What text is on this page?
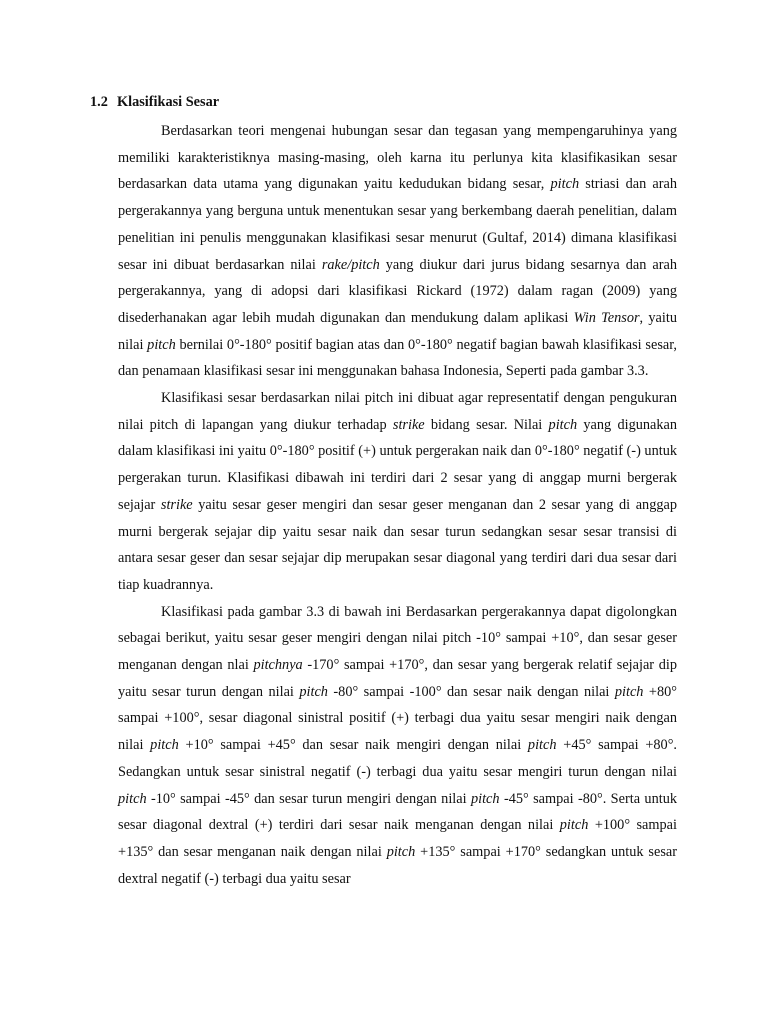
1.2 Klasifikasi Sesar

Berdasarkan teori mengenai hubungan sesar dan tegasan yang mempengaruhinya yang memiliki karakteristiknya masing-masing, oleh karna itu perlunya kita klasifikasikan sesar berdasarkan data utama yang digunakan yaitu kedudukan bidang sesar, pitch striasi dan arah pergerakannya yang berguna untuk menentukan sesar yang berkembang daerah penelitian, dalam penelitian ini penulis menggunakan klasifikasi sesar menurut (Gultaf, 2014) dimana klasifikasi sesar ini dibuat berdasarkan nilai rake/pitch yang diukur dari jurus bidang sesarnya dan arah pergerakannya, yang di adopsi dari klasifikasi Rickard (1972) dalam ragan (2009) yang disederhanakan agar lebih mudah digunakan dan mendukung dalam aplikasi Win Tensor, yaitu nilai pitch bernilai 0°-180° positif bagian atas dan 0°-180° negatif bagian bawah klasifikasi sesar, dan penamaan klasifikasi sesar ini menggunakan bahasa Indonesia, Seperti pada gambar 3.3.

Klasifikasi sesar berdasarkan nilai pitch ini dibuat agar representatif dengan pengukuran nilai pitch di lapangan yang diukur terhadap strike bidang sesar. Nilai pitch yang digunakan dalam klasifikasi ini yaitu 0°-180° positif (+) untuk pergerakan naik dan 0°-180° negatif (-) untuk pergerakan turun. Klasifikasi dibawah ini terdiri dari 2 sesar yang di anggap murni bergerak sejajar strike yaitu sesar geser mengiri dan sesar geser menganan dan 2 sesar yang di anggap murni bergerak sejajar dip yaitu sesar naik dan sesar turun sedangkan sesar sesar transisi di antara sesar geser dan sesar sejajar dip merupakan sesar diagonal yang terdiri dari dua sesar dari tiap kuadrannya.

Klasifikasi pada gambar 3.3 di bawah ini Berdasarkan pergerakannya dapat digolongkan sebagai berikut, yaitu sesar geser mengiri dengan nilai pitch -10° sampai +10°, dan sesar geser menganan dengan nlai pitchnya -170° sampai +170°, dan sesar yang bergerak relatif sejajar dip yaitu sesar turun dengan nilai pitch -80° sampai -100° dan sesar naik dengan nilai pitch +80° sampai +100°, sesar diagonal sinistral positif (+) terbagi dua yaitu sesar mengiri naik dengan nilai pitch +10° sampai +45° dan sesar naik mengiri dengan nilai pitch +45° sampai +80°. Sedangkan untuk sesar sinistral negatif (-) terbagi dua yaitu sesar mengiri turun dengan nilai pitch -10° sampai -45° dan sesar turun mengiri dengan nilai pitch -45° sampai -80°. Serta untuk sesar diagonal dextral (+) terdiri dari sesar naik menganan dengan nilai pitch +100° sampai +135° dan sesar menganan naik dengan nilai pitch +135° sampai +170° sedangkan untuk sesar dextral negatif (-) terbagi dua yaitu sesar
